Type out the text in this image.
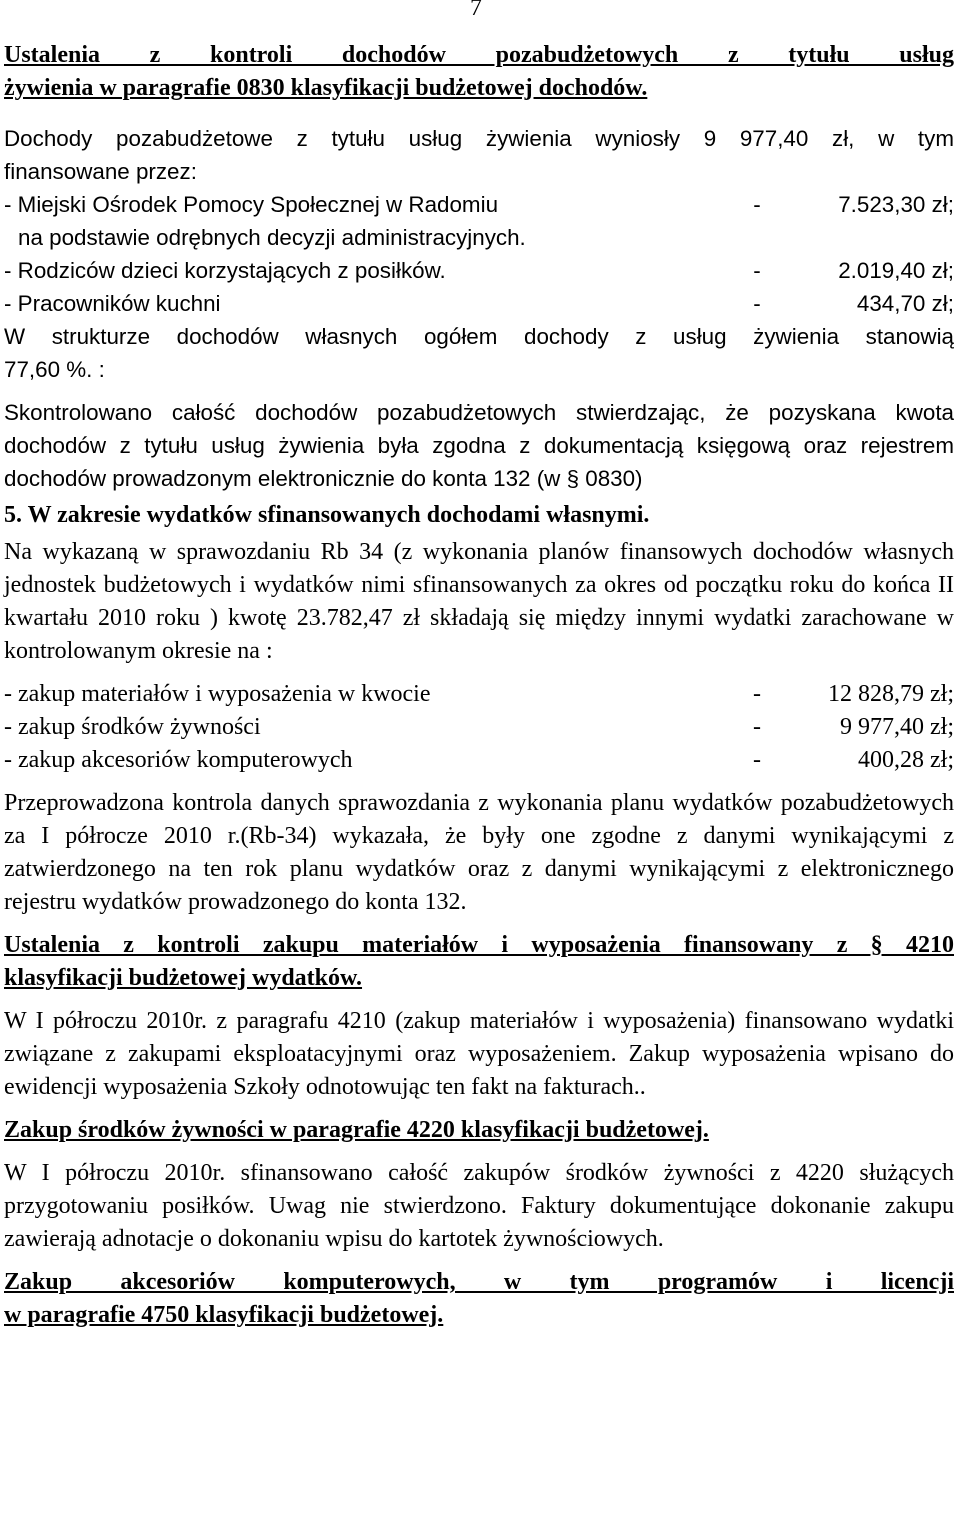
7

Ustalenia z kontroli dochodów pozabudżetowych z tytułu usług

żywienia w paragrafie 0830 klasyfikacji budżetowej dochodów.

Dochody pozabudżetowe z tytułu usług żywienia wyniosły 9 977,40 zł, w tym

finansowane przez:

- Miejski Ośrodek Pomocy Społecznej w Radomiu	-	7.523,30 zł;

na podstawie odrębnych decyzji administracyjnych.

- Rodziców dzieci korzystających z posiłków.	-	2.019,40 zł;
- Pracowników kuchni	-	434,70 zł;

W strukturze dochodów własnych ogółem dochody z usług żywienia stanowią

77,60 %. :

Skontrolowano całość dochodów pozabudżetowych stwierdzając, że pozyskana kwota dochodów z tytułu usług żywienia była zgodna z dokumentacją księgową oraz rejestrem dochodów prowadzonym elektronicznie do konta 132 (w § 0830)

5. W zakresie wydatków sfinansowanych dochodami własnymi.

Na wykazaną w sprawozdaniu Rb 34 (z wykonania planów finansowych dochodów własnych jednostek budżetowych i wydatków nimi sfinansowanych za okres od początku roku do końca II kwartału 2010 roku ) kwotę 23.782,47 zł składają się między innymi wydatki zarachowane w kontrolowanym okresie na :

- zakup materiałów i wyposażenia w kwocie	-	12 828,79 zł;
- zakup środków żywności	-	9 977,40 zł;
- zakup akcesoriów komputerowych	-	400,28 zł;

Przeprowadzona kontrola danych sprawozdania z wykonania planu wydatków pozabudżetowych za I półrocze 2010 r.(Rb-34) wykazała, że były one zgodne z danymi wynikającymi z zatwierdzonego na ten rok planu wydatków oraz z danymi wynikającymi z elektronicznego rejestru wydatków prowadzonego do konta 132.

Ustalenia z kontroli zakupu materiałów i wyposażenia finansowany z § 4210

klasyfikacji budżetowej wydatków.

W I półroczu 2010r. z paragrafu 4210 (zakup materiałów i wyposażenia) finansowano wydatki związane z zakupami eksploatacyjnymi oraz wyposażeniem. Zakup wyposażenia wpisano do ewidencji wyposażenia Szkoły odnotowując ten fakt na fakturach..

Zakup środków żywności w paragrafie 4220 klasyfikacji budżetowej.

W I półroczu 2010r. sfinansowano całość zakupów środków żywności z 4220 służących przygotowaniu posiłków. Uwag nie stwierdzono. Faktury dokumentujące dokonanie zakupu zawierają adnotacje o dokonaniu wpisu do kartotek żywnościowych.

Zakup akcesoriów komputerowych, w tym programów i licencji

w paragrafie 4750 klasyfikacji budżetowej.
